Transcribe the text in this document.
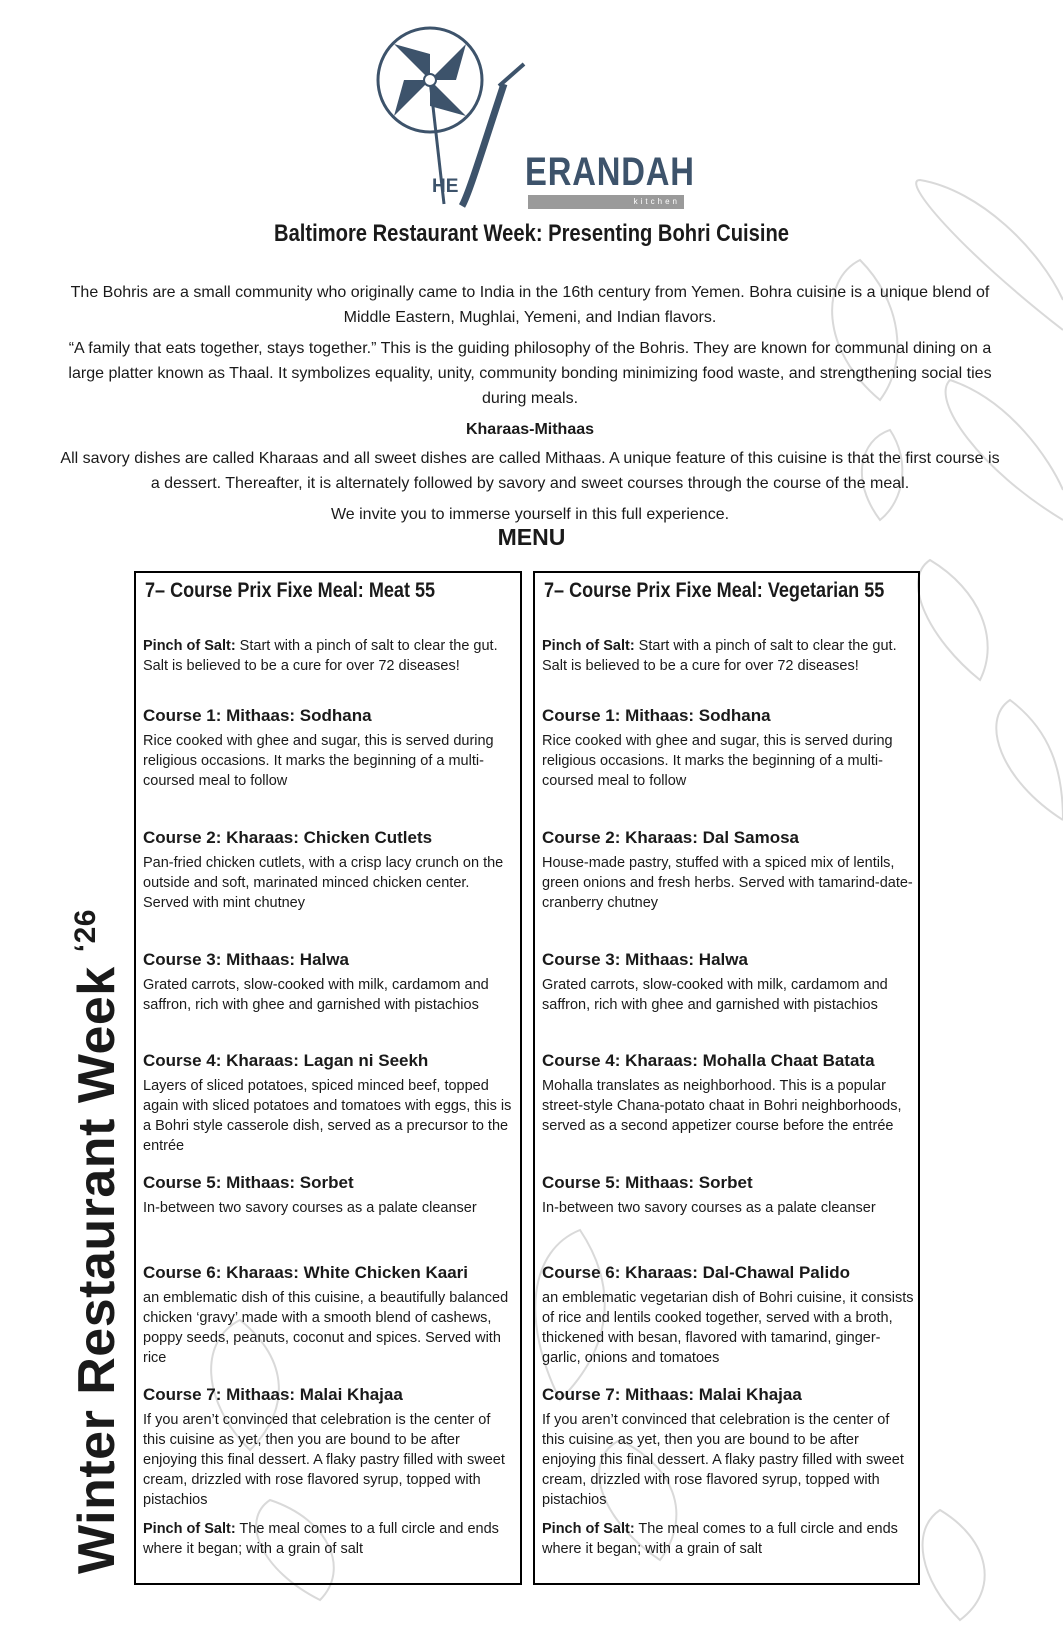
HE ERANDAH
kitchen
Baltimore Restaurant Week: Presenting Bohri Cuisine

The Bohris are a small community who originally came to India in the 16th century from Yemen. Bohra cuisine is a unique blend of Middle Eastern, Mughlai, Yemeni, and Indian flavors.

“A family that eats together, stays together.” This is the guiding philosophy of the Bohris. They are known for communal dining on a large platter known as Thaal. It symbolizes equality, unity, community bonding minimizing food waste, and strengthening social ties during meals.

Kharaas-Mithaas

All savory dishes are called Kharaas and all sweet dishes are called Mithaas. A unique feature of this cuisine is that the first course is a dessert. Thereafter, it is alternately followed by savory and sweet courses through the course of the meal.

We invite you to immerse yourself in this full experience.

MENU
Winter Restaurant Week$^{‘26}$
7– Course Prix Fixe Meal: Meat 55
Pinch of Salt: Start with a pinch of salt to clear the gut. Salt is believed to be a cure for over 72 diseases!
Course 1: Mithaas: Sodhana
Rice cooked with ghee and sugar, this is served during religious occasions. It marks the beginning of a multi-coursed meal to follow
Course 2: Kharaas: Chicken Cutlets
Pan-fried chicken cutlets, with a crisp lacy crunch on the outside and soft, marinated minced chicken center. Served with mint chutney
Course 3: Mithaas: Halwa
Grated carrots, slow-cooked with milk, cardamom and saffron, rich with ghee and garnished with pistachios
Course 4: Kharaas: Lagan ni Seekh
Layers of sliced potatoes, spiced minced beef, topped again with sliced potatoes and tomatoes with eggs, this is a Bohri style casserole dish, served as a precursor to the entrée
Course 5: Mithaas: Sorbet
In-between two savory courses as a palate cleanser
Course 6: Kharaas: White Chicken Kaari
an emblematic dish of this cuisine, a beautifully balanced chicken ‘gravy’ made with a smooth blend of cashews, poppy seeds, peanuts, coconut and spices. Served with rice
Course 7: Mithaas: Malai Khajaa
If you aren’t convinced that celebration is the center of this cuisine as yet, then you are bound to be after enjoying this final dessert. A flaky pastry filled with sweet cream, drizzled with rose flavored syrup, topped with pistachios
Pinch of Salt: The meal comes to a full circle and ends where it began; with a grain of salt
7– Course Prix Fixe Meal: Vegetarian 55
Pinch of Salt: Start with a pinch of salt to clear the gut. Salt is believed to be a cure for over 72 diseases!
Course 1: Mithaas: Sodhana
Rice cooked with ghee and sugar, this is served during religious occasions. It marks the beginning of a multi-coursed meal to follow
Course 2: Kharaas: Dal Samosa
House-made pastry, stuffed with a spiced mix of lentils, green onions and fresh herbs. Served with tamarind-date-cranberry chutney
Course 3: Mithaas: Halwa
Grated carrots, slow-cooked with milk, cardamom and saffron, rich with ghee and garnished with pistachios
Course 4: Kharaas: Mohalla Chaat Batata
Mohalla translates as neighborhood. This is a popular street-style Chana-potato chaat in Bohri neighborhoods, served as a second appetizer course before the entrée
Course 5: Mithaas: Sorbet
In-between two savory courses as a palate cleanser
Course 6: Kharaas: Dal-Chawal Palido
an emblematic vegetarian dish of Bohri cuisine, it consists of rice and lentils cooked together, served with a broth, thickened with besan, flavored with tamarind, ginger-garlic, onions and tomatoes
Course 7: Mithaas: Malai Khajaa
If you aren’t convinced that celebration is the center of this cuisine as yet, then you are bound to be after enjoying this final dessert. A flaky pastry filled with sweet cream, drizzled with rose flavored syrup, topped with pistachios
Pinch of Salt: The meal comes to a full circle and ends where it began; with a grain of salt
